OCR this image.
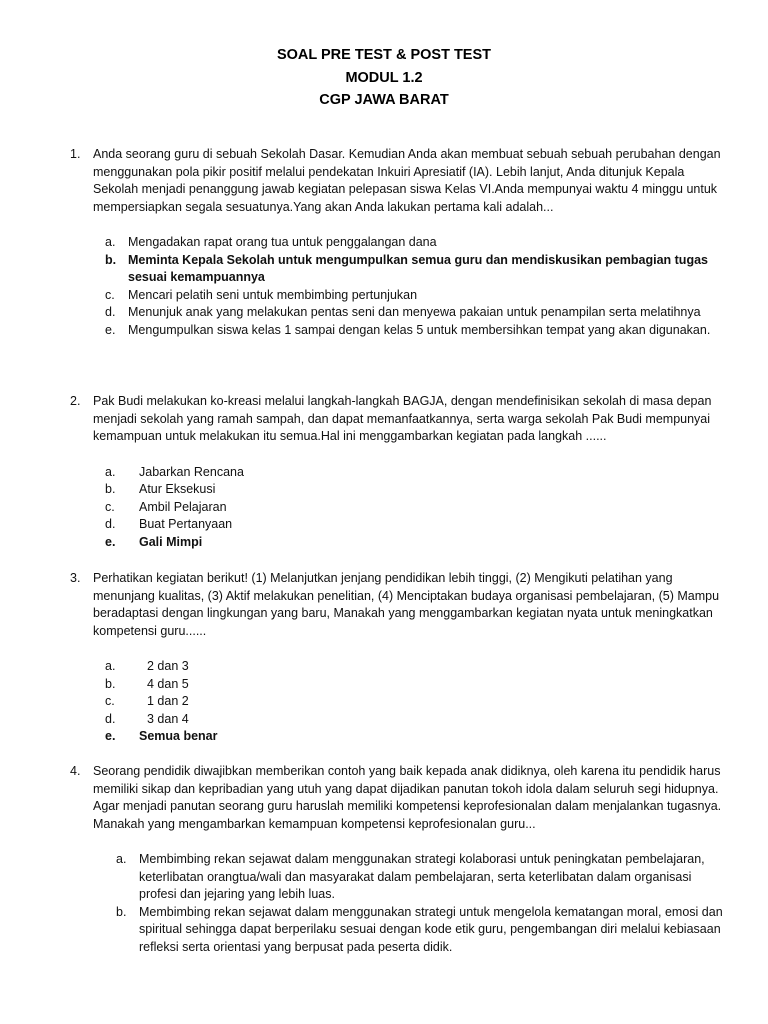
SOAL PRE TEST & POST TEST
MODUL 1.2
CGP JAWA BARAT
1.	Anda seorang guru di sebuah Sekolah Dasar. Kemudian Anda akan membuat sebuah sebuah perubahan dengan menggunakan pola pikir positif melalui pendekatan Inkuiri Apresiatif (IA). Lebih lanjut, Anda ditunjuk Kepala Sekolah menjadi penanggung jawab kegiatan pelepasan siswa Kelas VI.Anda mempunyai waktu 4 minggu untuk mempersiapkan segala sesuatunya.Yang akan Anda lakukan pertama kali adalah...
a. Mengadakan rapat orang tua untuk penggalangan dana
b. Meminta Kepala Sekolah untuk mengumpulkan semua guru dan mendiskusikan pembagian tugas sesuai kemampuannya
c. Mencari pelatih seni untuk membimbing pertunjukan
d. Menunjuk anak yang melakukan pentas seni dan menyewa pakaian untuk penampilan serta melatihnya
e. Mengumpulkan siswa kelas 1 sampai dengan kelas 5 untuk membersihkan tempat yang akan digunakan.
2.	Pak Budi melakukan ko-kreasi melalui langkah-langkah BAGJA, dengan mendefinisikan sekolah di masa depan menjadi sekolah yang ramah sampah, dan dapat memanfaatkannya, serta warga sekolah Pak Budi mempunyai kemampuan untuk melakukan itu semua.Hal ini menggambarkan kegiatan pada langkah ......
a. Jabarkan Rencana
b. Atur Eksekusi
c. Ambil Pelajaran
d. Buat Pertanyaan
e. Gali Mimpi
3.	Perhatikan kegiatan berikut! (1) Melanjutkan jenjang pendidikan lebih tinggi, (2) Mengikuti pelatihan yang menunjang kualitas, (3) Aktif melakukan penelitian, (4) Menciptakan budaya organisasi pembelajaran, (5) Mampu beradaptasi dengan lingkungan yang baru, Manakah yang menggambarkan kegiatan nyata untuk meningkatkan kompetensi guru......
a.	2 dan 3
b.	4 dan 5
c.	1 dan 2
d.	3 dan 4
e. Semua benar
4.	Seorang pendidik diwajibkan memberikan contoh yang baik kepada anak didiknya, oleh karena itu pendidik harus memiliki sikap dan kepribadian yang utuh yang dapat dijadikan panutan tokoh idola dalam seluruh segi hidupnya. Agar menjadi panutan seorang guru haruslah memiliki kompetensi keprofesionalan dalam menjalankan tugasnya. Manakah yang mengambarkan kemampuan kompetensi keprofesionalan guru...
a. Membimbing rekan sejawat dalam menggunakan strategi kolaborasi untuk peningkatan pembelajaran, keterlibatan orangtua/wali dan masyarakat dalam pembelajaran, serta keterlibatan dalam organisasi profesi dan jejaring yang lebih luas.
b. Membimbing rekan sejawat dalam menggunakan strategi untuk mengelola kematangan moral, emosi dan spiritual sehingga dapat berperilaku sesuai dengan kode etik guru, pengembangan diri melalui kebiasaan refleksi serta orientasi yang berpusat pada peserta didik.
